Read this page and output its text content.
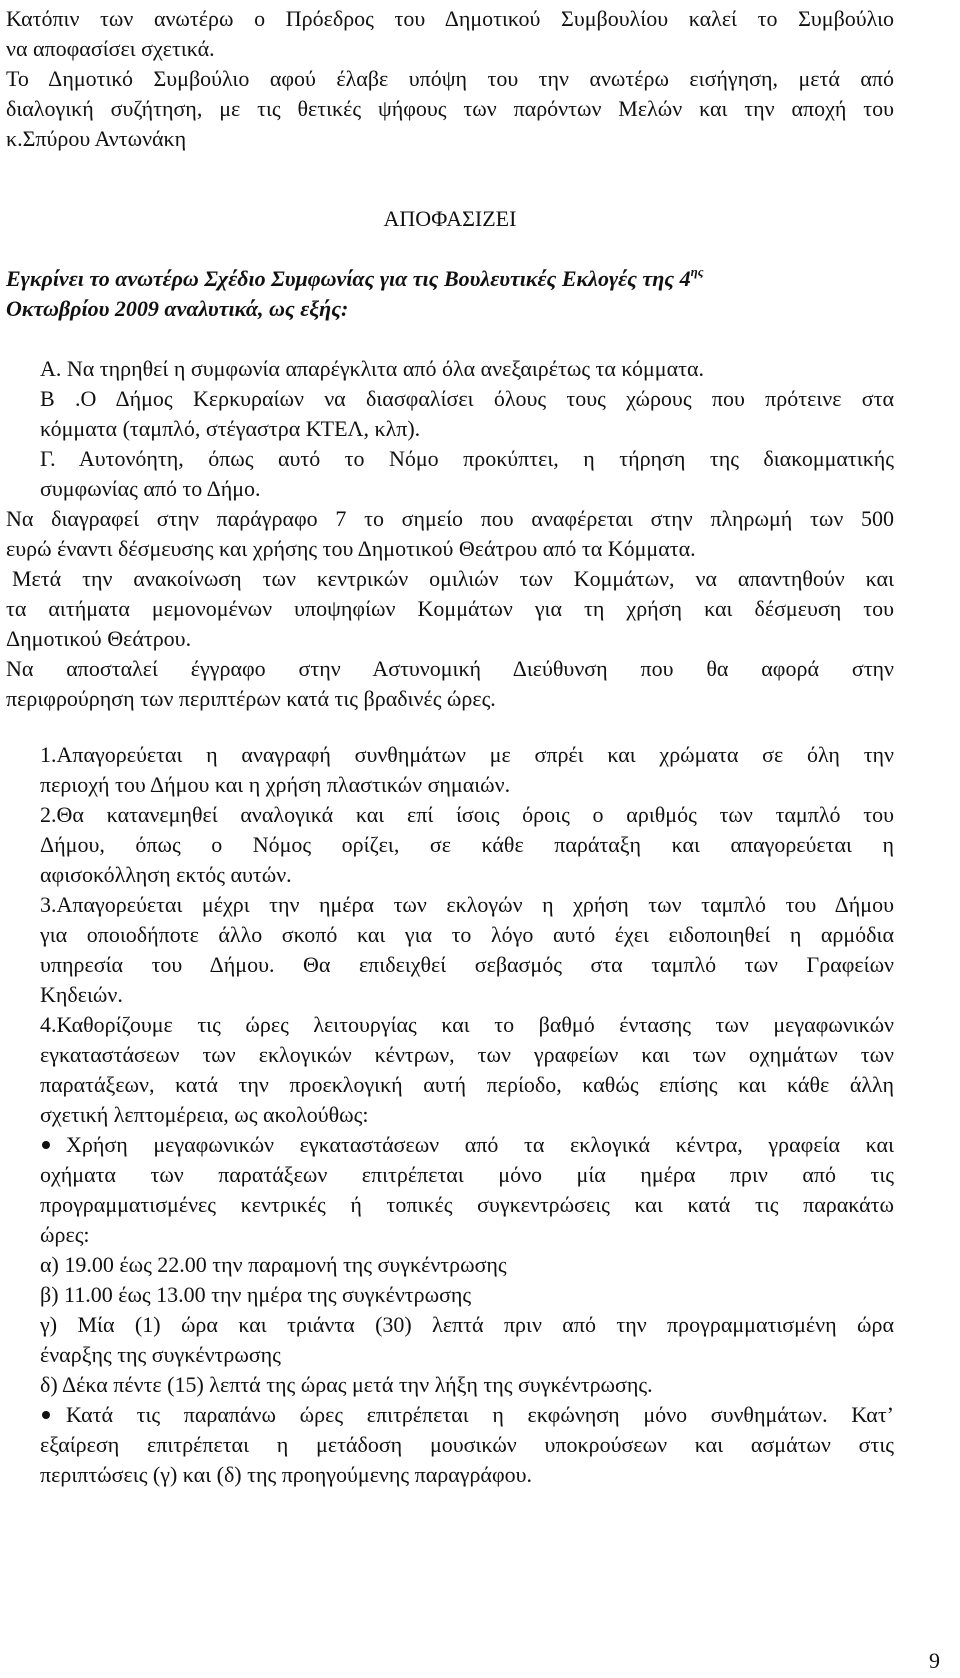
Κατόπιν των ανωτέρω ο Πρόεδρος του Δημοτικού Συμβουλίου καλεί το Συμβούλιο
να αποφασίσει σχετικά.
Το Δημοτικό Συμβούλιο αφού έλαβε υπόψη του την ανωτέρω εισήγηση, μετά από
διαλογική συζήτηση, με τις θετικές ψήφους των παρόντων Μελών και την αποχή του
κ.Σπύρου Αντωνάκη
ΑΠΟΦΑΣΙΖΕΙ
Εγκρίνει το ανωτέρω Σχέδιο Συμφωνίας για τις Βουλευτικές Εκλογές της $4^{\eta\varsigma}$
Οκτωβρίου 2009 αναλυτικά, ως εξής:
Α. Να τηρηθεί η συμφωνία απαρέγκλιτα από όλα ανεξαιρέτως τα κόμματα.
Β .Ο Δήμος Κερκυραίων να διασφαλίσει όλους τους χώρους που πρότεινε στα
κόμματα (ταμπλό, στέγαστρα ΚΤΕΛ, κλπ).
Γ. Αυτονόητη, όπως αυτό το Νόμο προκύπτει, η τήρηση της διακομματικής
συμφωνίας από το Δήμο.
Να διαγραφεί στην παράγραφο 7 το σημείο που αναφέρεται στην πληρωμή των 500
ευρώ έναντι δέσμευσης και χρήσης του Δημοτικού Θεάτρου από τα Κόμματα.
Μετά την ανακοίνωση των κεντρικών ομιλιών των Κομμάτων, να απαντηθούν και
τα αιτήματα μεμονομένων υποψηφίων Κομμάτων για τη χρήση και δέσμευση του
Δημοτικού Θεάτρου.
Να αποσταλεί έγγραφο στην Αστυνομική Διεύθυνση που θα αφορά στην
περιφρούρηση των περιπτέρων κατά τις βραδινές ώρες.
1.Απαγορεύεται η αναγραφή συνθημάτων με σπρέι και χρώματα σε όλη την
περιοχή του Δήμου και η χρήση πλαστικών σημαιών.
2.Θα κατανεμηθεί αναλογικά και επί ίσοις όροις ο αριθμός των ταμπλό του
Δήμου, όπως ο Νόμος ορίζει, σε κάθε παράταξη και απαγορεύεται η
αφισοκόλληση εκτός αυτών.
3.Απαγορεύεται μέχρι την ημέρα των εκλογών η χρήση των ταμπλό του Δήμου
για οποιοδήποτε άλλο σκοπό και για το λόγο αυτό έχει ειδοποιηθεί η αρμόδια
υπηρεσία του Δήμου. Θα επιδειχθεί σεβασμός στα ταμπλό των Γραφείων
Κηδειών.
4.Καθορίζουμε τις ώρες λειτουργίας και το βαθμό έντασης των μεγαφωνικών
εγκαταστάσεων των εκλογικών κέντρων, των γραφείων και των οχημάτων των
παρατάξεων, κατά την προεκλογική αυτή περίοδο, καθώς επίσης και κάθε άλλη
σχετική λεπτομέρεια, ως ακολούθως:
Χρήση μεγαφωνικών εγκαταστάσεων από τα εκλογικά κέντρα, γραφεία και
οχήματα των παρατάξεων επιτρέπεται μόνο μία ημέρα πριν από τις
προγραμματισμένες κεντρικές ή τοπικές συγκεντρώσεις και κατά τις παρακάτω
ώρες:
α) 19.00 έως 22.00 την παραμονή της συγκέντρωσης
β) 11.00 έως 13.00 την ημέρα της συγκέντρωσης
γ) Μία (1) ώρα και τριάντα (30) λεπτά πριν από την προγραμματισμένη ώρα
έναρξης της συγκέντρωσης
δ) Δέκα πέντε (15) λεπτά της ώρας μετά την λήξη της συγκέντρωσης.
Κατά τις παραπάνω ώρες επιτρέπεται η εκφώνηση μόνο συνθημάτων. Κατ’
εξαίρεση επιτρέπεται η μετάδοση μουσικών υποκρούσεων και ασμάτων στις
περιπτώσεις (γ) και (δ) της προηγούμενης παραγράφου.
9
